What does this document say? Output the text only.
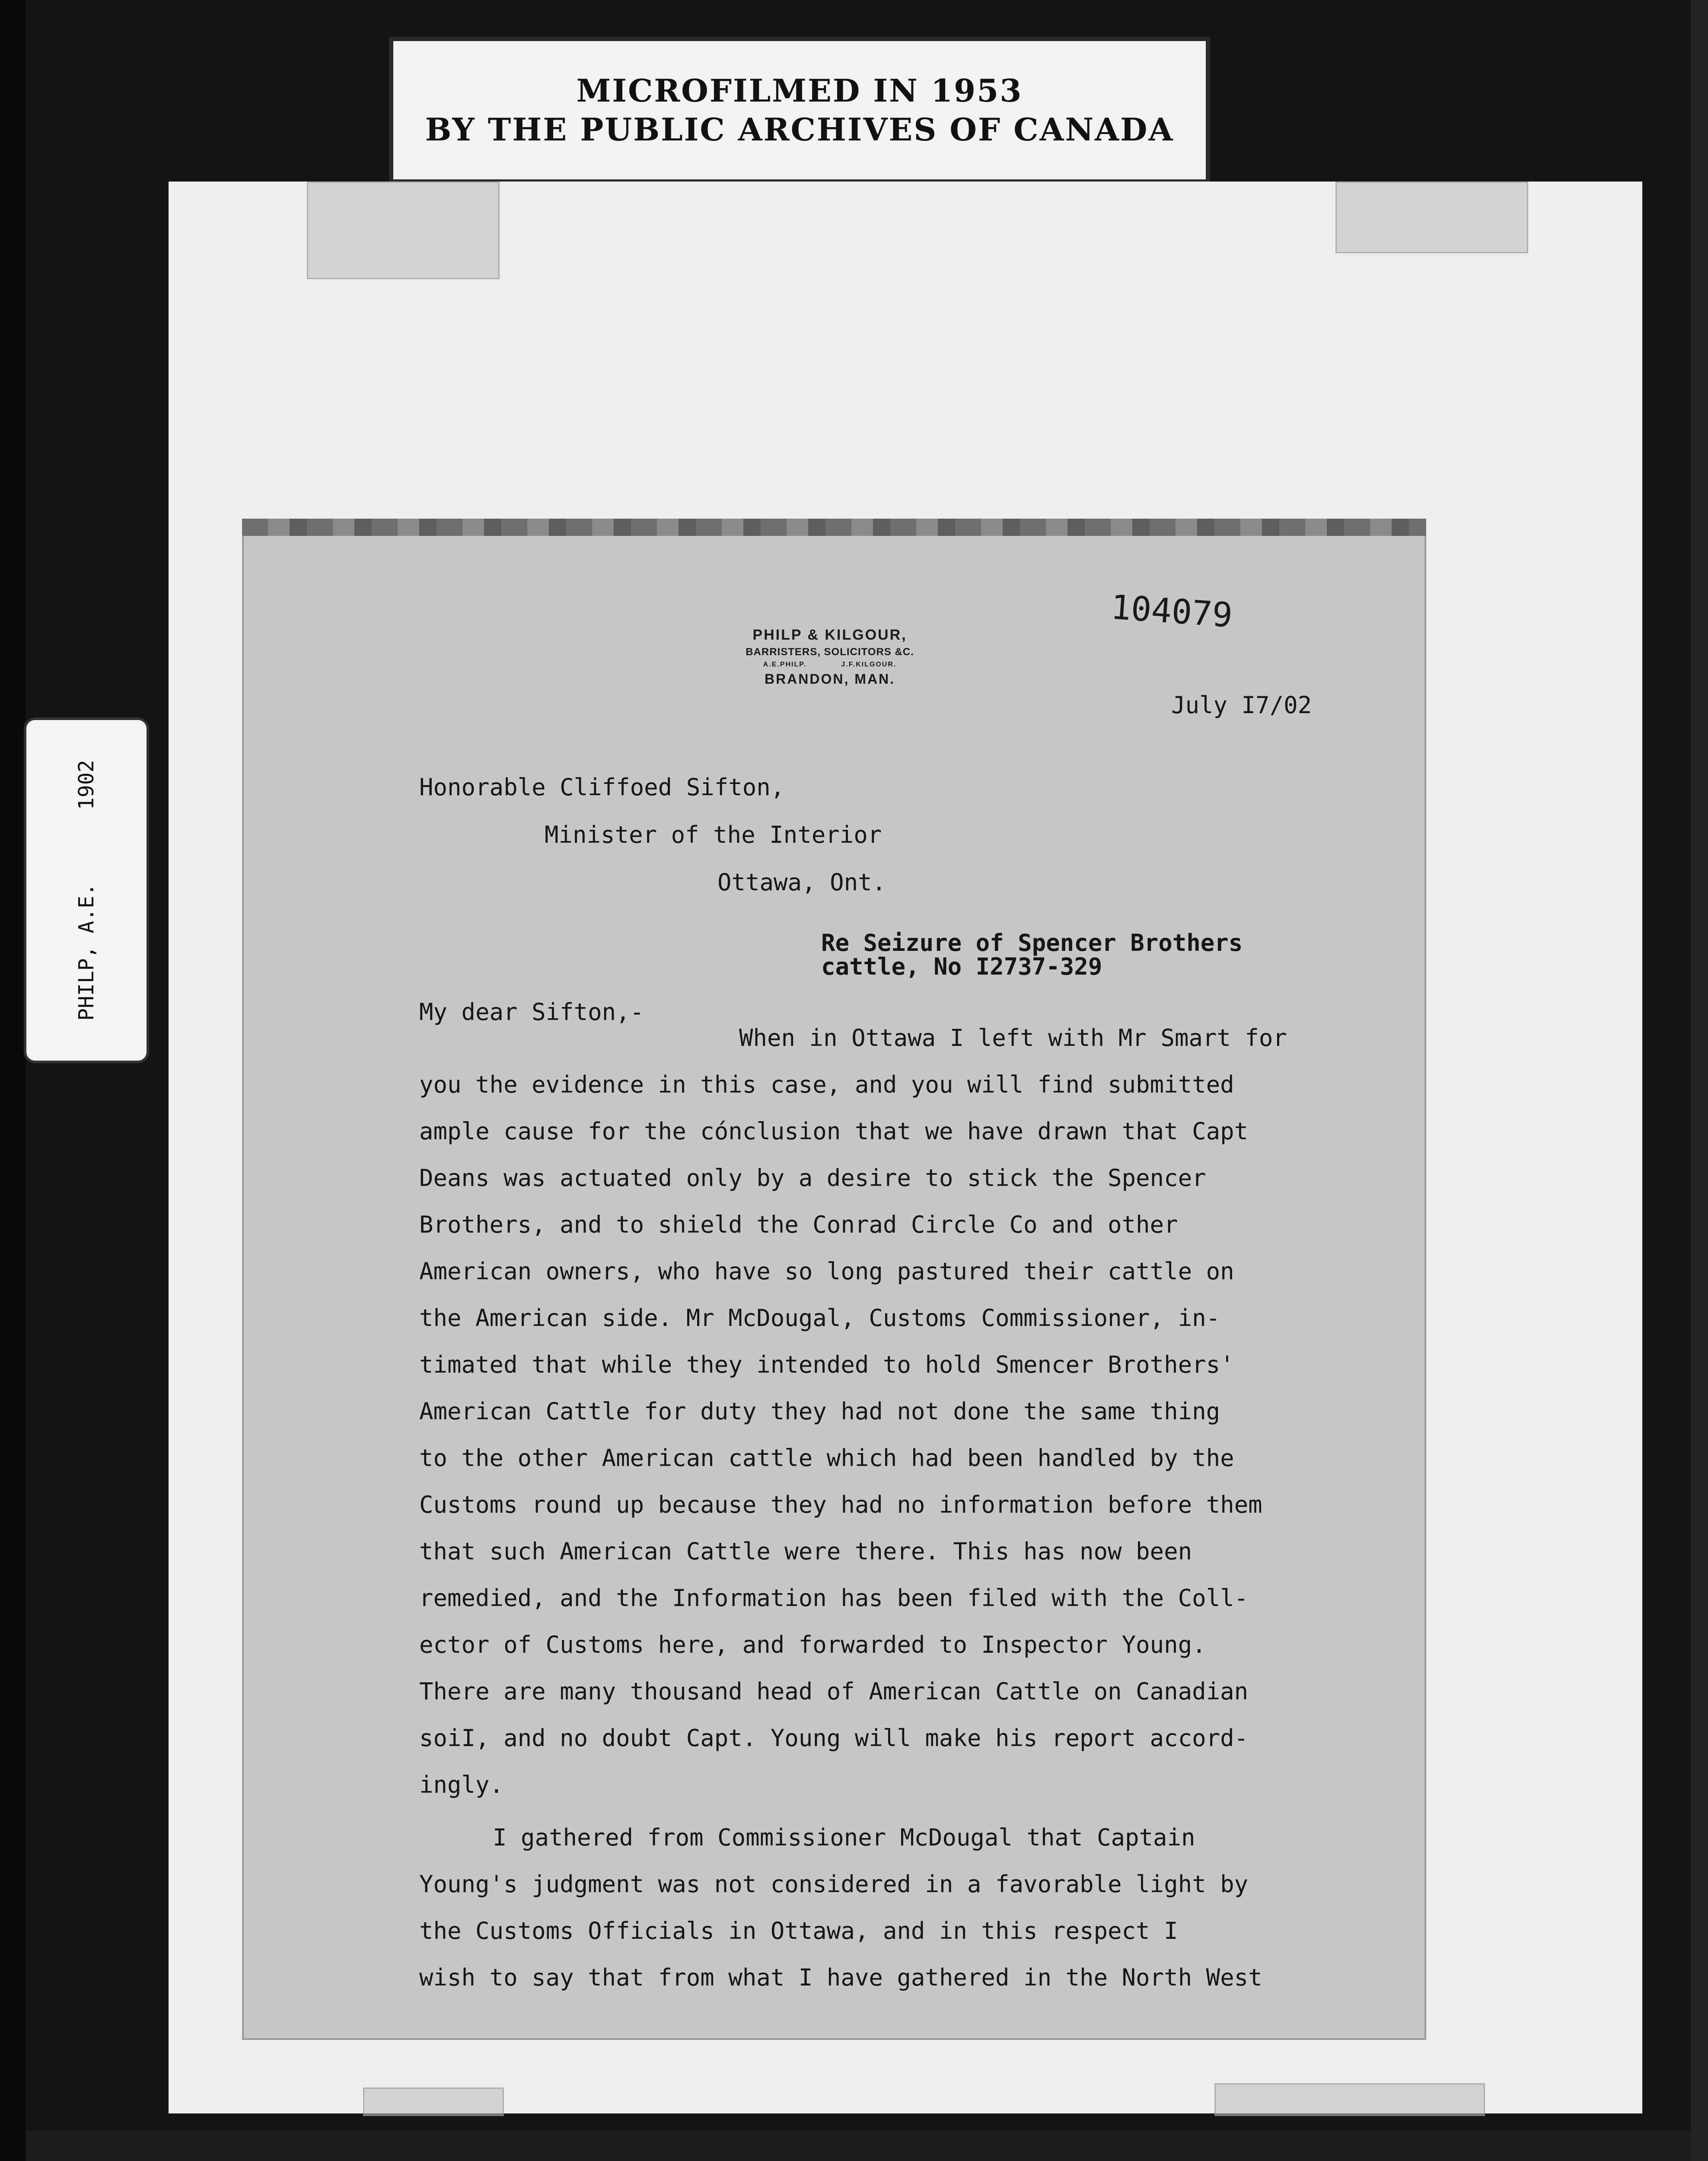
MICROFILMED IN 1953
BY THE PUBLIC ARCHIVES OF CANADA
PHILP, A.E.1902
PHILP & KILGOUR,
BARRISTERS, SOLICITORS &C.
A.E.PHILP.	J.F.KILGOUR.
BRANDON, MAN.
104079
July I7/02
Honorable Cliffoed Sifton,
Minister of the Interior
Ottawa, Ont.
Re Seizure of Spencer Brothers
cattle, No I2737-329
My dear Sifton,-
When in Ottawa I left with Mr Smart for
you the evidence in this case, and you will find submitted
ample cause for the cónclusion that we have drawn that Capt
Deans was actuated only by a desire to stick the Spencer
Brothers, and to shield the Conrad Circle Co and other
American owners, who have so long pastured their cattle on
the American side. Mr McDougal, Customs Commissioner, in-
timated that while they intended to hold Smencer Brothers'
American Cattle for duty they had not done the same thing
to the other American cattle which had been handled by the
Customs round up because they had no information before them
that such American Cattle were there. This has now been
remedied, and the Information has been filed with the Coll-
ector of Customs here, and forwarded to Inspector Young.
There are many thousand head of American Cattle on Canadian
soiI, and no doubt Capt. Young will make his report accord-
ingly.
I gathered from Commissioner McDougal that Captain
Young's judgment was not considered in a favorable light by
the Customs Officials in Ottawa, and in this respect I
wish to say that from what I have gathered in the North West
